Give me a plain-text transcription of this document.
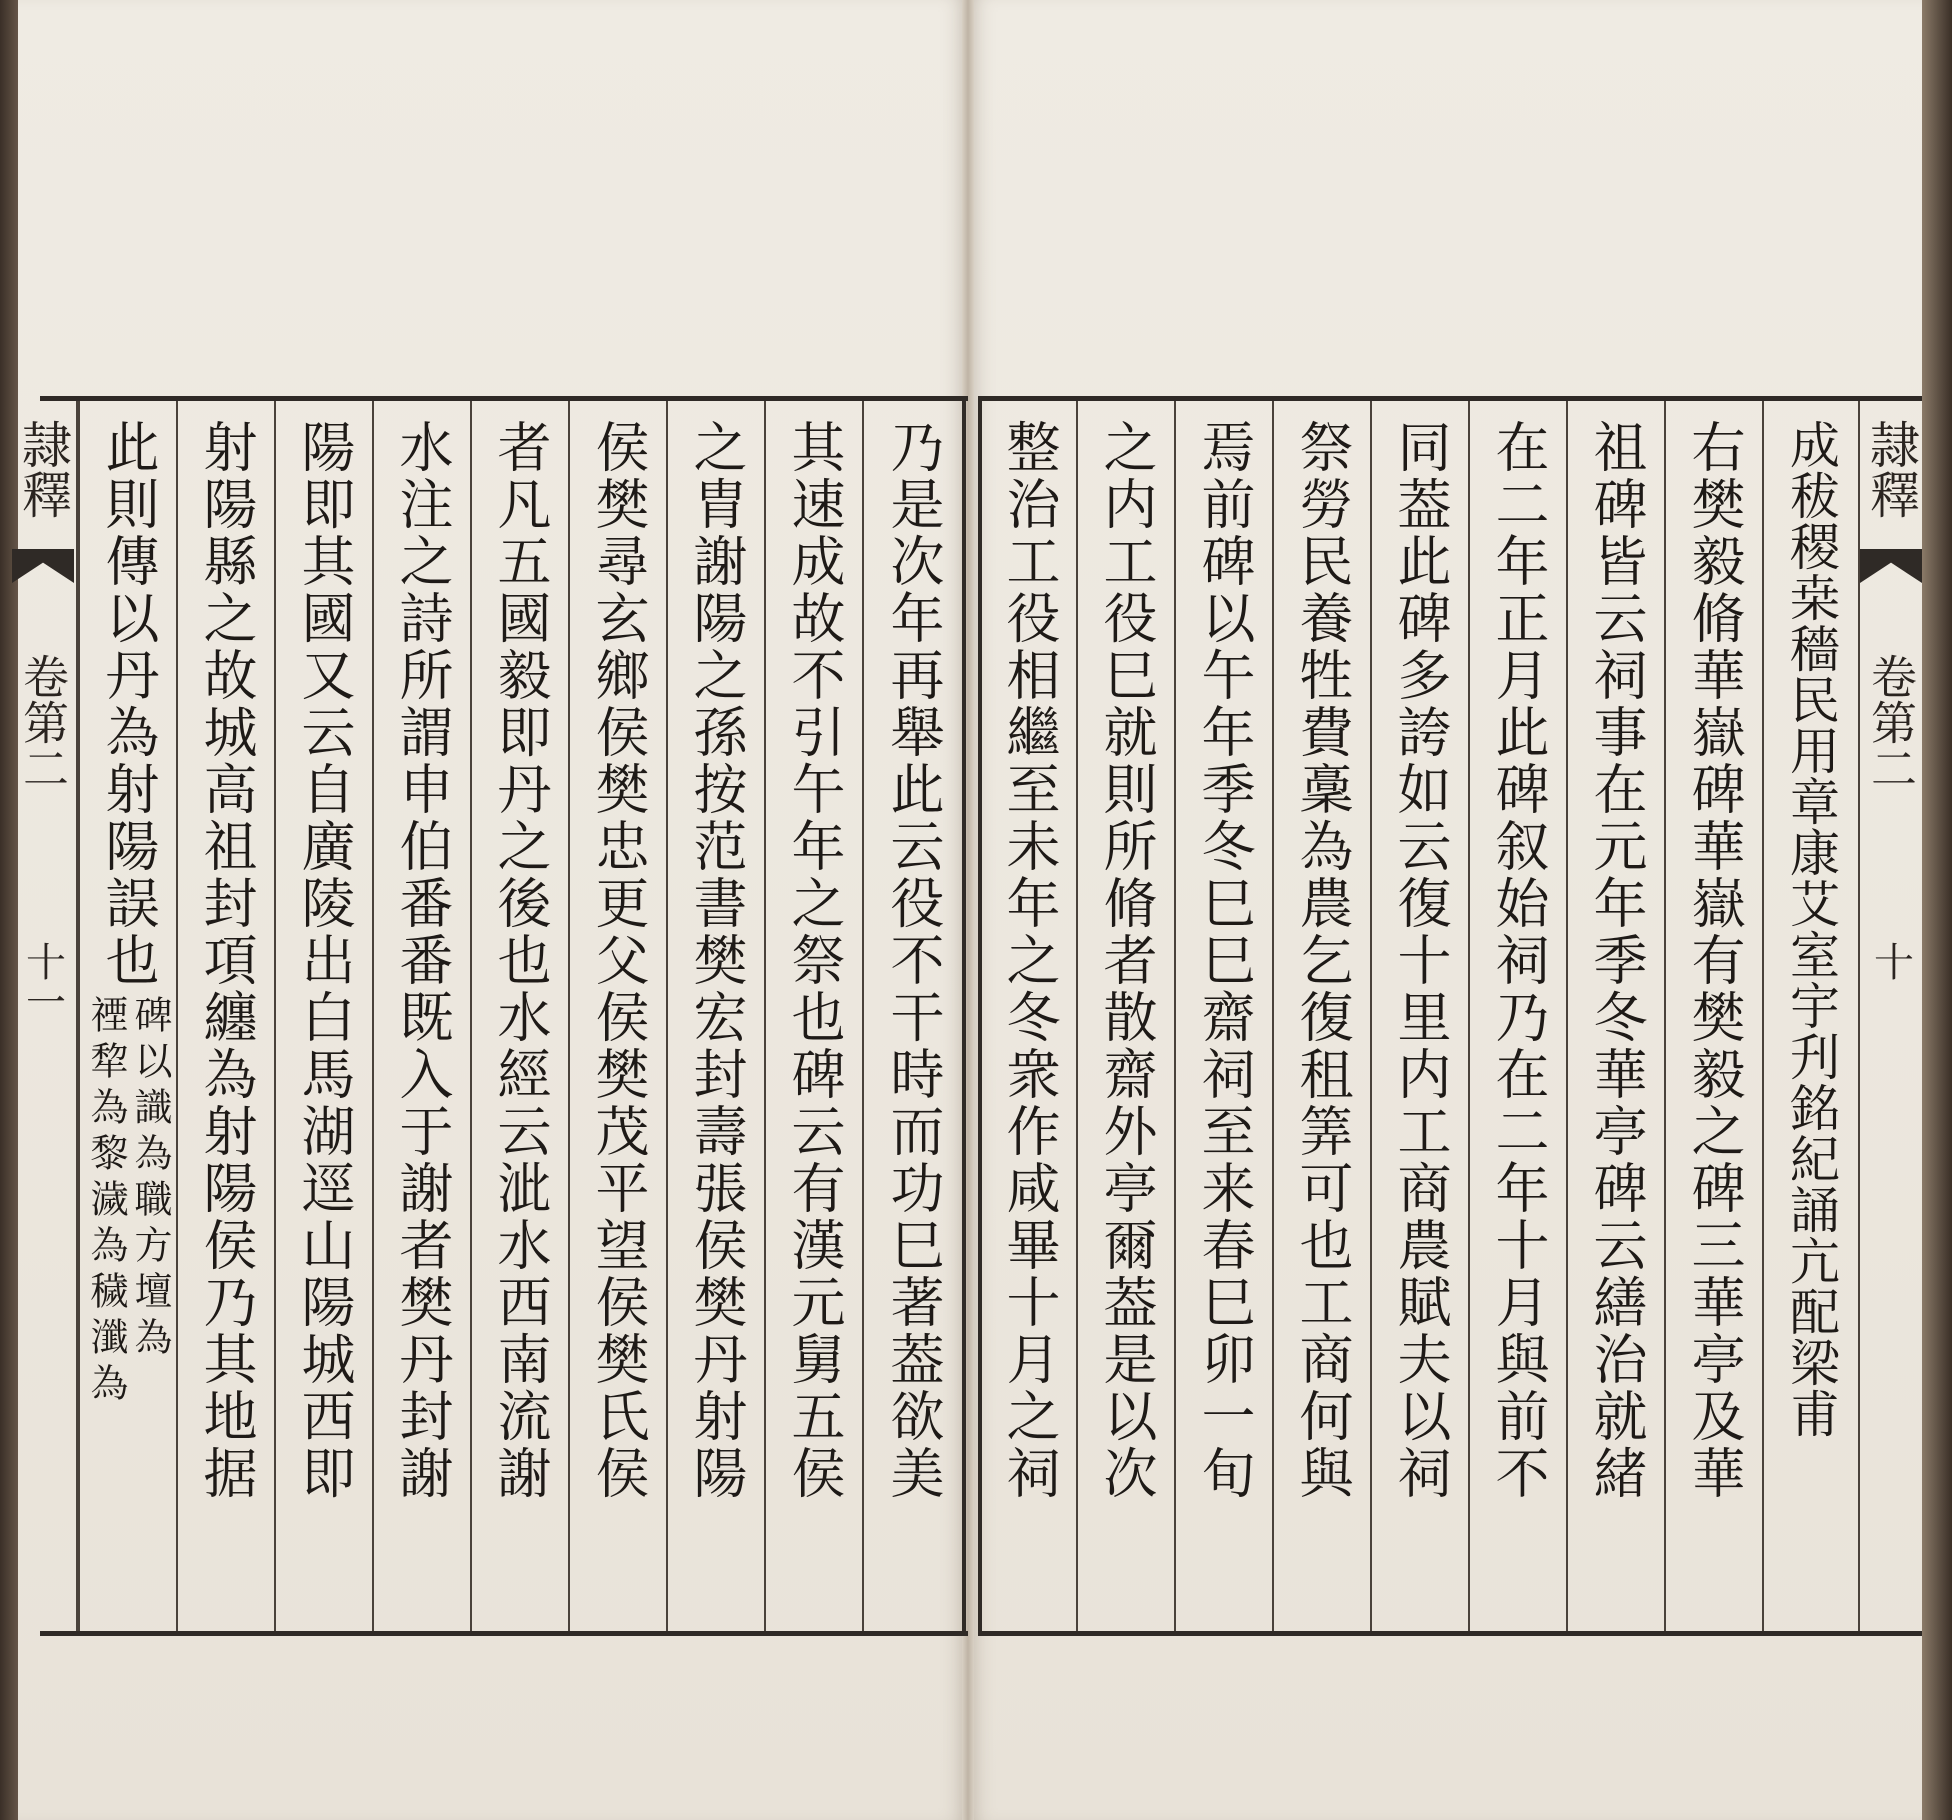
隷釋
卷第二
十一 此則傳以丹為射陽誤也
碑以識為職方壇為
禋犂為黎濊為穢瀸為 射陽縣之故城高祖封項纏為射陽侯乃其地据 陽即其國又云自廣陵出白馬湖逕山陽城西即 水注之詩所謂申伯番番既入于謝者樊丹封謝 者凡五國毅即丹之後也水經云泚水西南流謝 侯樊尋玄鄉侯樊忠更父侯樊茂平望侯樊氏侯 之胄謝陽之孫按范書樊宏封壽張侯樊丹射陽 其速成故不引午年之祭也碑云有漢元舅五侯 乃是次年再舉此云役不干時而功巳著葢欲美 整治工役相繼至未年之冬衆作咸畢十月之祠 之内工役巳就則所脩者散齋外亭爾葢是以次 焉前碑以午年季冬巳巳齋祠至来春巳卯一旬 祭勞民養牲費稾為農乞復租筭可也工商何與 同葢此碑多誇如云復十里内工商農賦夫以祠 在二年正月此碑叙始祠乃在二年十月與前不 祖碑皆云祠事在元年季冬華亭碑云繕治就緒 右樊毅脩華嶽碑華嶽有樊毅之碑三華亭及華 成秡稷桒穡民用章康艾室宇刋銘紀誦亢配梁甫 隷釋
卷第二
十
